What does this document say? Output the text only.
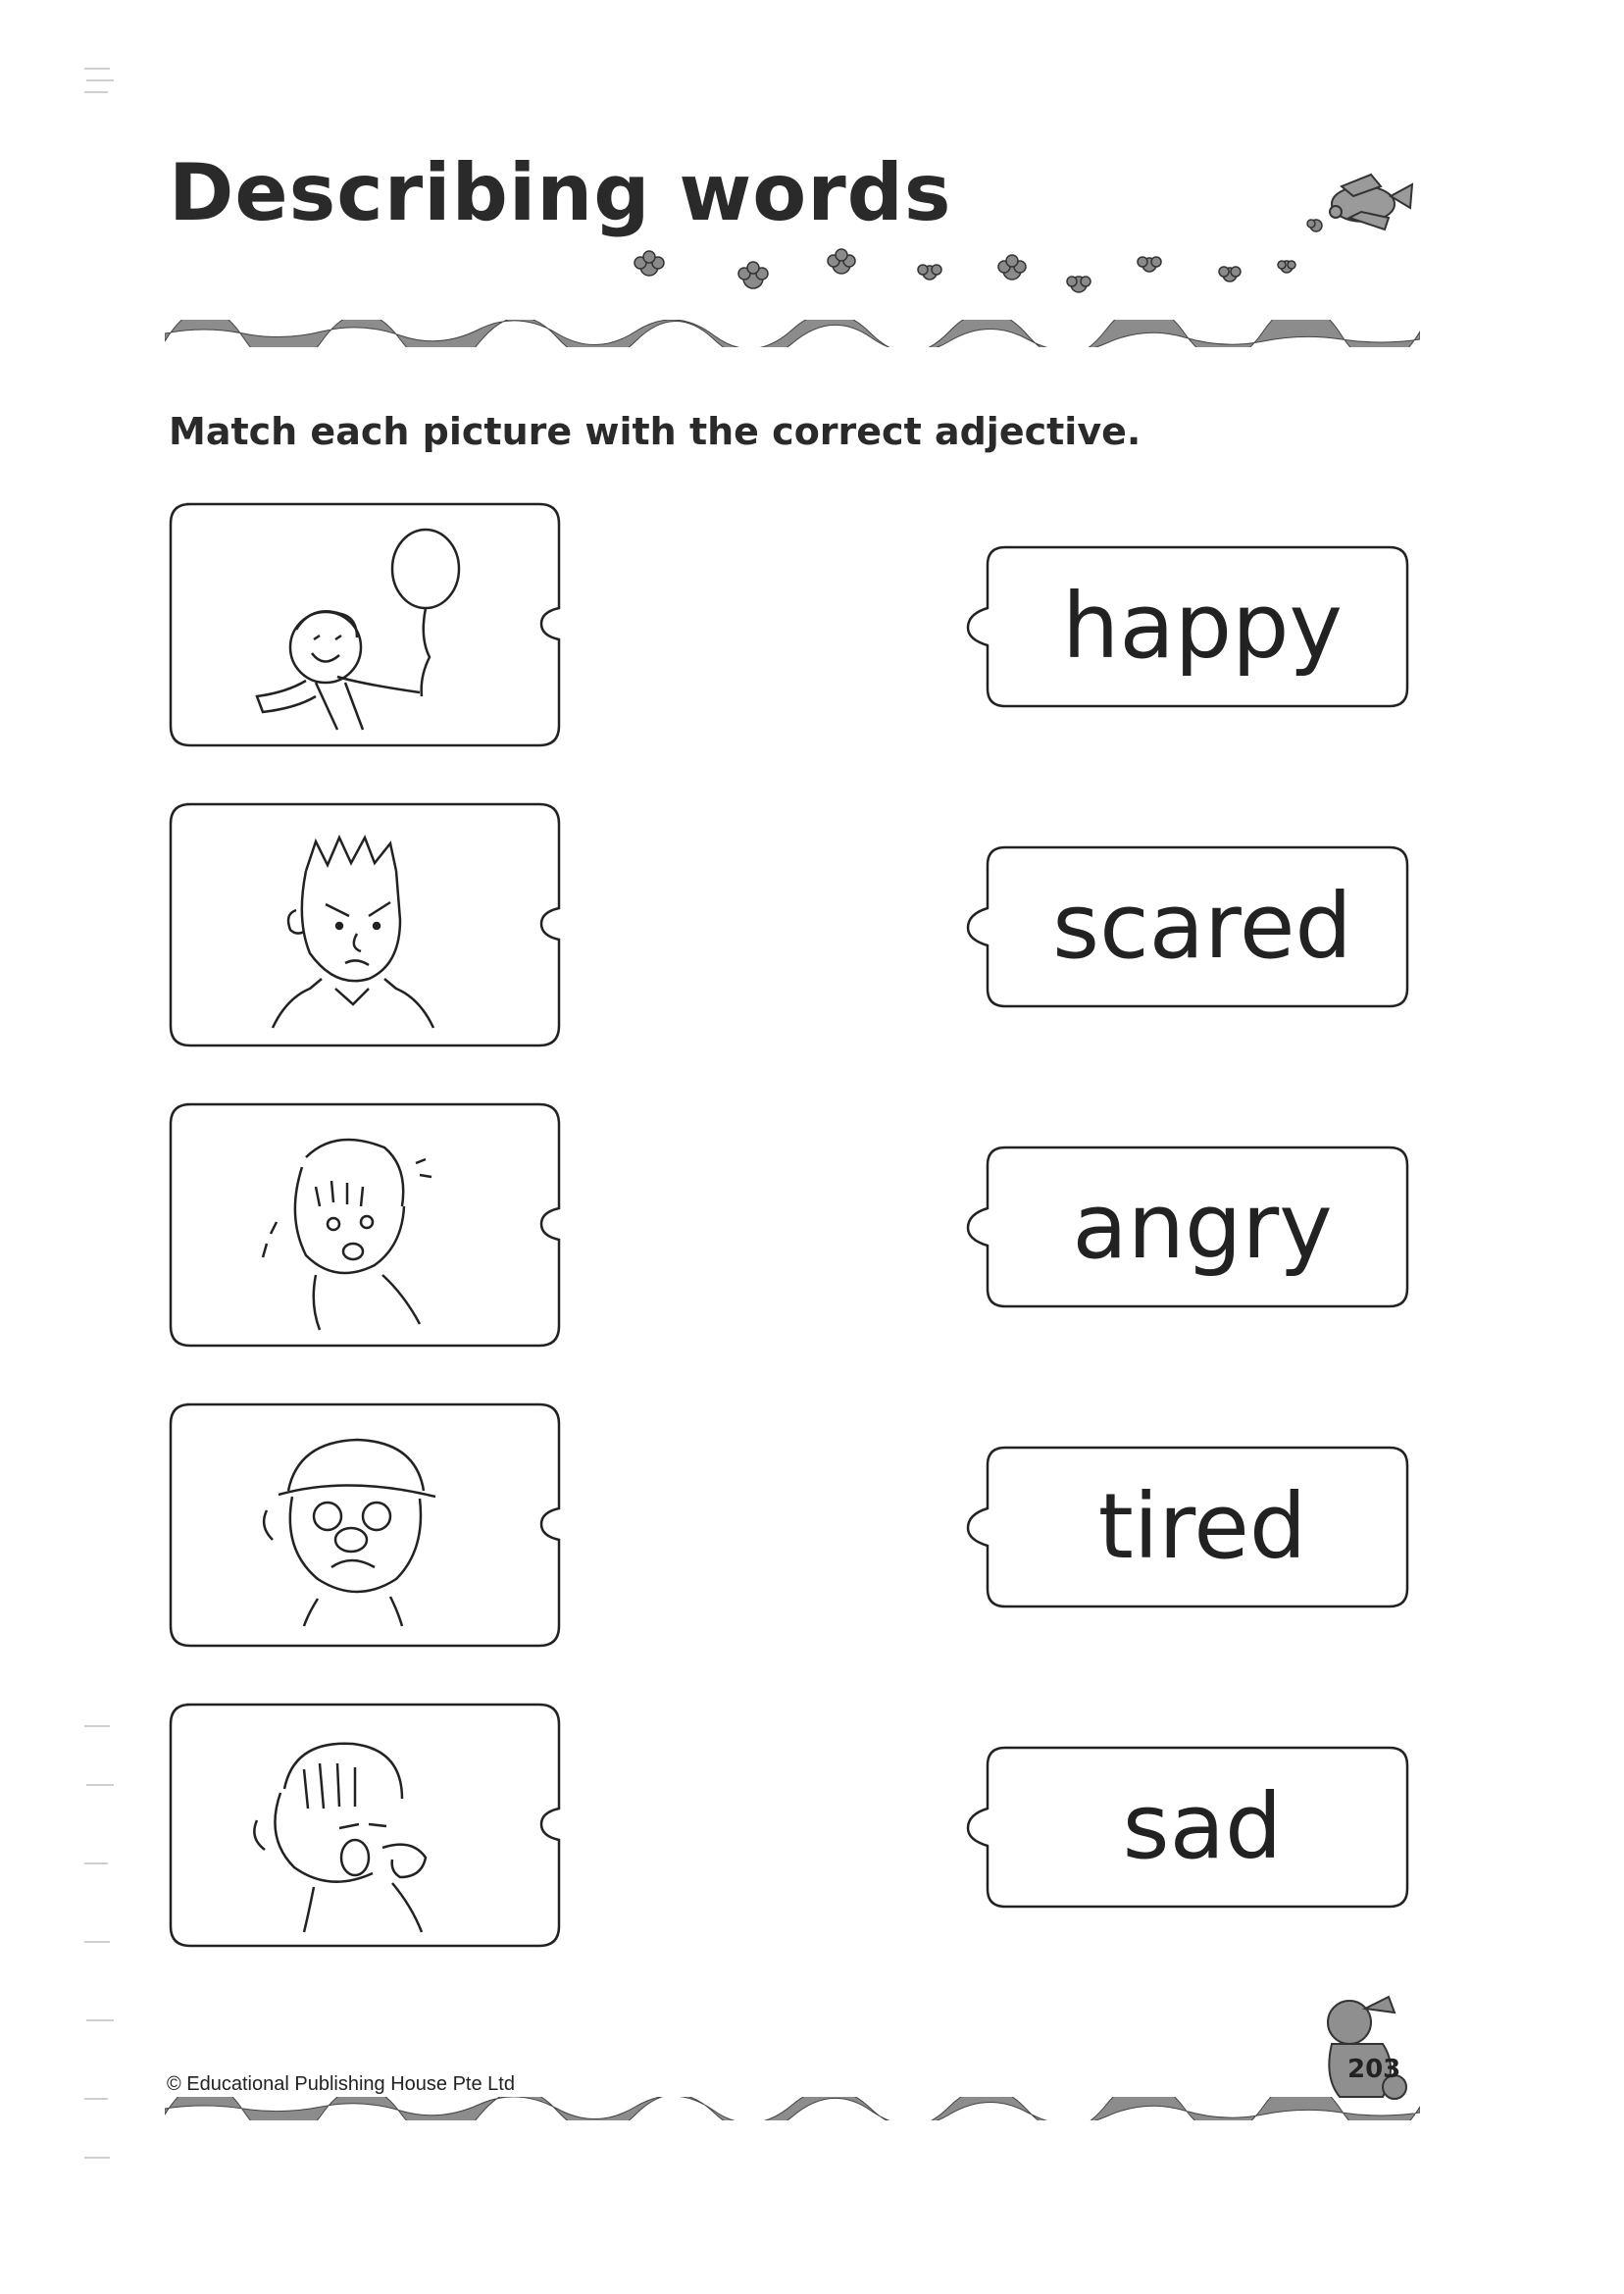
Describing words

Match each picture with the correct adjective.

happy
scared
angry
tired
sad
© Educational Publishing House Pte Ltd	203
